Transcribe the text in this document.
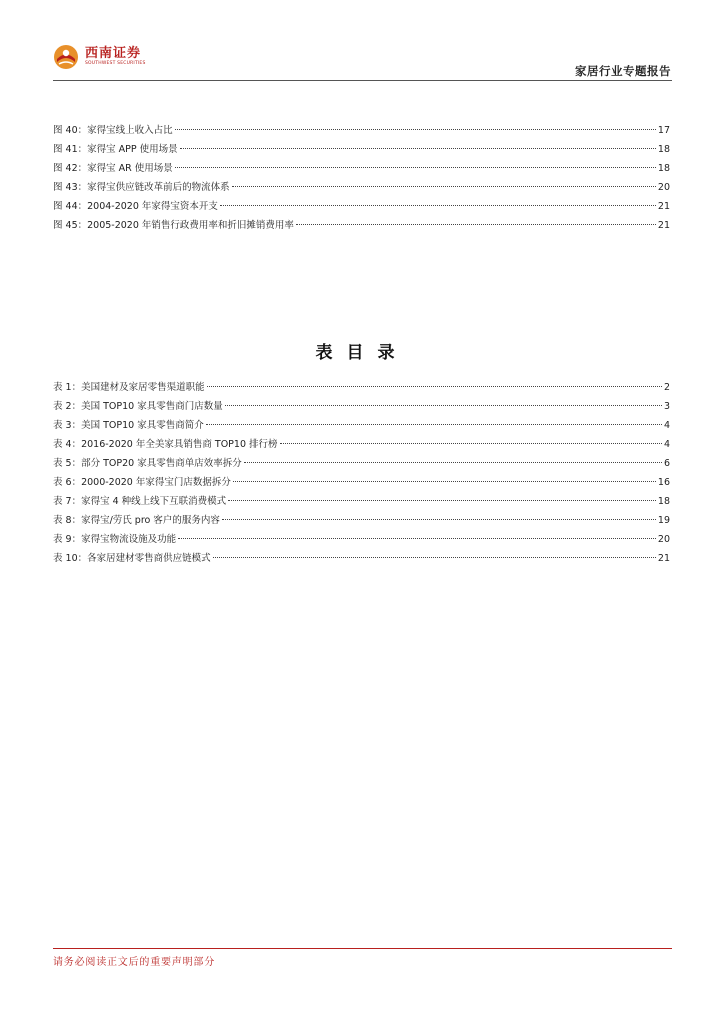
西南证券
SOUTHWEST SECURITIES
家居行业专题报告
图 40：家得宝线上收入占比	17
图 41：家得宝 APP 使用场景	18
图 42：家得宝 AR 使用场景	18
图 43：家得宝供应链改革前后的物流体系	20
图 44：2004-2020 年家得宝资本开支	21
图 45：2005-2020 年销售行政费用率和折旧摊销费用率	21
表目录
表 1：美国建材及家居零售渠道职能	2
表 2：美国 TOP10 家具零售商门店数量	3
表 3：美国 TOP10 家具零售商简介	4
表 4：2016-2020 年全美家具销售商 TOP10 排行榜	4
表 5：部分 TOP20 家具零售商单店效率拆分	6
表 6：2000-2020 年家得宝门店数据拆分	16
表 7：家得宝 4 种线上线下互联消费模式	18
表 8：家得宝/劳氏 pro 客户的服务内容	19
表 9：家得宝物流设施及功能	20
表 10：各家居建材零售商供应链模式	21
请务必阅读正文后的重要声明部分
